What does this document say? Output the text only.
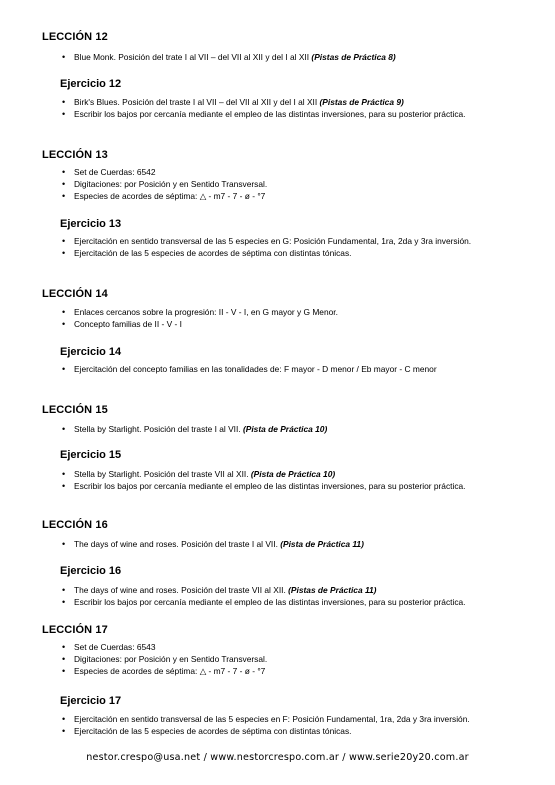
LECCIÓN 12
• Blue Monk. Posición del trate I al VII – del VII al XII y del I al XII (Pistas de Práctica 8)
Ejercicio 12
• Birk's Blues. Posición del traste I al VII – del VII al XII y del I al XII (Pistas de Práctica 9)
• Escribir los bajos por cercanía mediante el empleo de las distintas inversiones, para su posterior práctica.
LECCIÓN 13
• Set de Cuerdas: 6542
• Digitaciones: por Posición y en Sentido Transversal.
• Especies de acordes de séptima: △ - m7 - 7 - ø - °7
Ejercicio 13
• Ejercitación en sentido transversal de las 5 especies en G: Posición Fundamental, 1ra, 2da y 3ra inversión.
• Ejercitación de las 5 especies de acordes de séptima con distintas tónicas.
LECCIÓN 14
• Enlaces cercanos sobre la progresión: II - V - I, en G mayor y G Menor.
• Concepto familias de II - V - I
Ejercicio 14
• Ejercitación del concepto familias en las tonalidades de: F mayor - D menor / Eb mayor - C menor
LECCIÓN 15
• Stella by Starlight. Posición del traste I al VII. (Pista de Práctica 10)
Ejercicio 15
• Stella by Starlight. Posición del traste VII al XII. (Pista de Práctica 10)
• Escribir los bajos por cercanía mediante el empleo de las distintas inversiones, para su posterior práctica.
LECCIÓN 16
• The days of wine and roses. Posición del traste I al VII. (Pista de Práctica 11)
Ejercicio 16
• The days of wine and roses. Posición del traste VII al XII. (Pistas de Práctica 11)
• Escribir los bajos por cercanía mediante el empleo de las distintas inversiones, para su posterior práctica.
LECCIÓN 17
• Set de Cuerdas: 6543
• Digitaciones: por Posición y en Sentido Transversal.
• Especies de acordes de séptima: △ - m7 - 7 - ø - °7
Ejercicio 17
• Ejercitación en sentido transversal de las 5 especies en F: Posición Fundamental, 1ra, 2da y 3ra inversión.
• Ejercitación de las 5 especies de acordes de séptima con distintas tónicas.
nestor.crespo@usa.net / www.nestorcrespo.com.ar / www.serie20y20.com.ar
